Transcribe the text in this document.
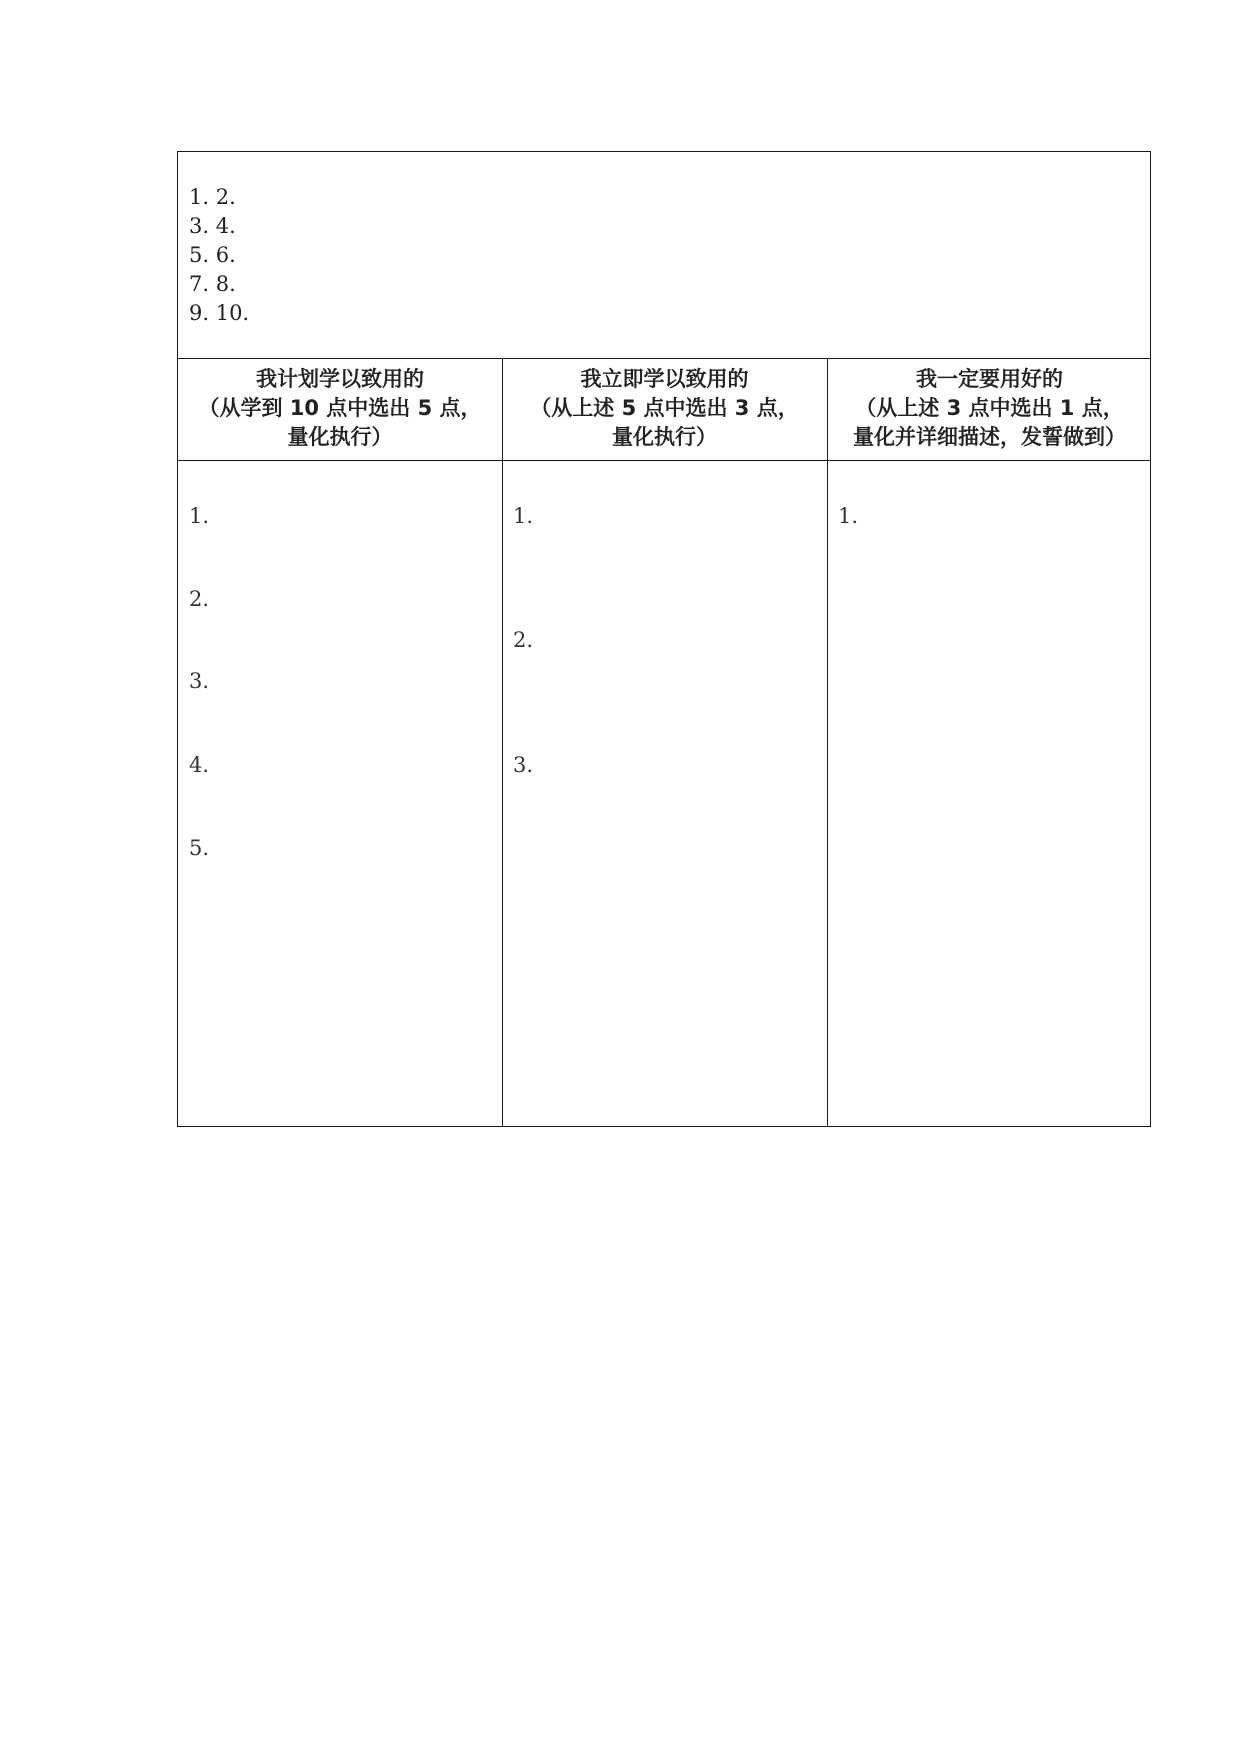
1. 2.
3. 4.
5. 6.
7. 8.
9. 10.
我计划学以致用的
（从学到 10 点中选出 5 点，
量化执行）
我立即学以致用的
（从上述 5 点中选出 3 点，
量化执行）
我一定要用好的
（从上述 3 点中选出 1 点，
量化并详细描述，发誓做到）
1.
2.
3.
4.
5.
1.
2.
3.
1.
